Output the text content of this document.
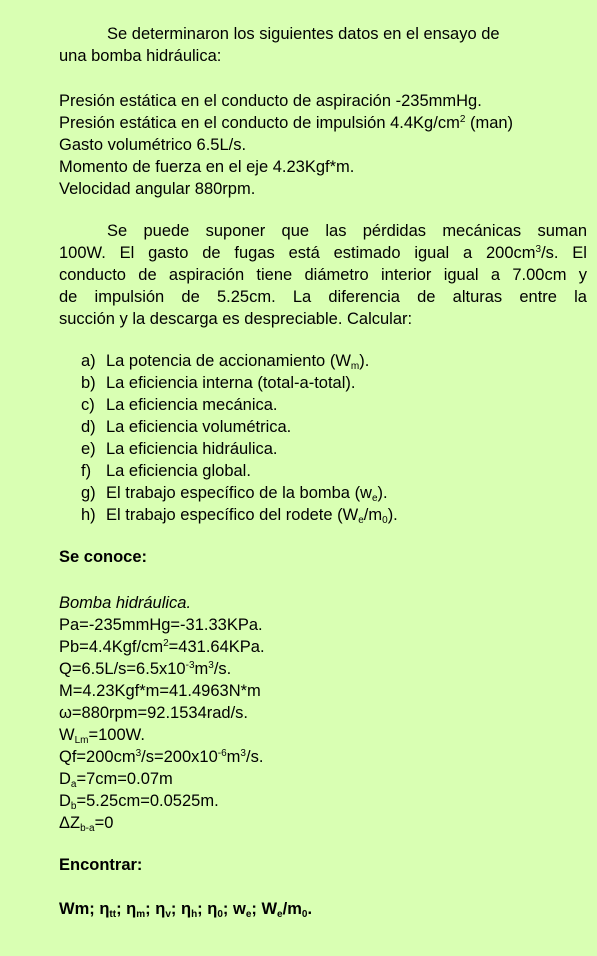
Se determinaron los siguientes datos en el ensayo de
una bomba hidráulica:
Presión estática en el conducto de aspiración -235mmHg.
Presión estática en el conducto de impulsión $4.4Kg/cm^2$ (man)
Gasto volumétrico 6.5L/s.
Momento de fuerza en el eje 4.23Kgf*m.
Velocidad angular 880rpm.
Se puede suponer que las pérdidas mecánicas suman
100W. El gasto de fugas está estimado igual a $200cm^3/s$. El
conducto de aspiración tiene diámetro interior igual a 7.00cm y
de impulsión de 5.25cm. La diferencia de alturas entre la
succión y la descarga es despreciable. Calcular:
a) La potencia de accionamiento $(W_m)$.
b) La eficiencia interna (total-a-total).
c) La eficiencia mecánica.
d) La eficiencia volumétrica.
e) La eficiencia hidráulica.
f) La eficiencia global.
g) El trabajo específico de la bomba $(w_e)$.
h) El trabajo específico del rodete $(W_e/m_0)$.
Se conoce:
Bomba hidráulica.
Pa=-235mmHg=-31.33KPa.
$Pb=4.4Kgf/cm^2=431.64KPa$.
$Q=6.5L/s=6.5x10^{-3}m^3/s$.
M=4.23Kgf*m=41.4963N*m
ω=880rpm=92.1534rad/s.
$W_{Lm}=100W$.
$Qf=200cm^3/s=200x10^{-6}m^3/s$.
$D_a=7cm=0.07m$
$D_b=5.25cm=0.0525m$.
$\Delta Z_{b-a}=0$
Encontrar:
Wm; $\eta_{tt}$; $\eta_m$; $\eta_v$; $\eta_h$; $\eta_0$; $w_e$; $W_e/m_0$.
